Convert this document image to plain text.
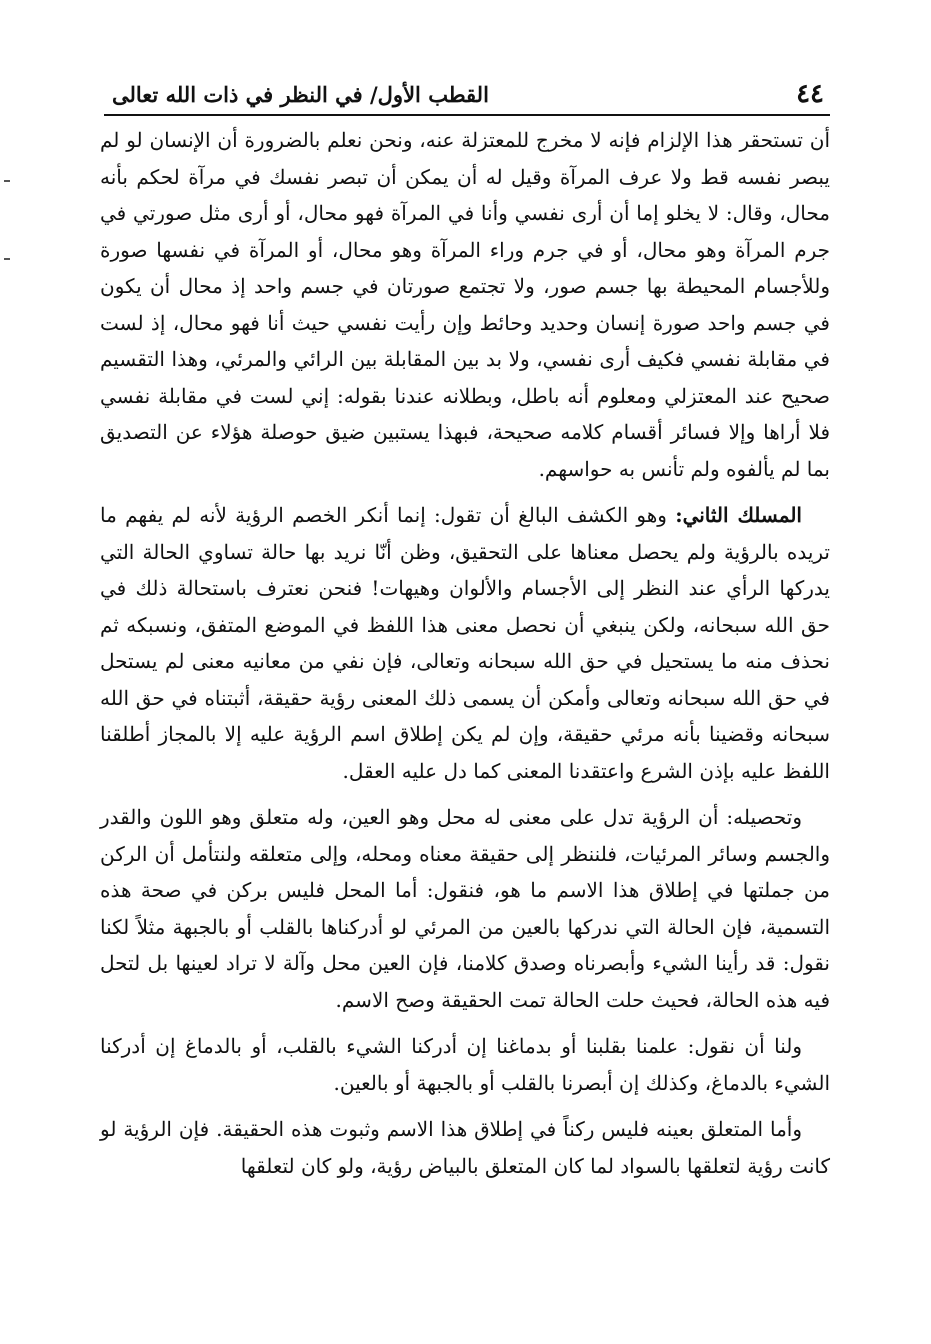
٤٤
القطب الأول/ في النظر في ذات الله تعالى

أن تستحقر هذا الإلزام فإنه لا مخرج للمعتزلة عنه، ونحن نعلم بالضرورة أن الإنسان لو لم يبصر نفسه قط ولا عرف المرآة وقيل له أن يمكن أن تبصر نفسك في مرآة لحكم بأنه محال، وقال: لا يخلو إما أن أرى نفسي وأنا في المرآة فهو محال، أو أرى مثل صورتي في جرم المرآة وهو محال، أو في جرم وراء المرآة وهو محال، أو المرآة في نفسها صورة وللأجسام المحيطة بها جسم صور، ولا تجتمع صورتان في جسم واحد إذ محال أن يكون في جسم واحد صورة إنسان وحديد وحائط وإن رأيت نفسي حيث أنا فهو محال، إذ لست في مقابلة نفسي فكيف أرى نفسي، ولا بد بين المقابلة بين الرائي والمرئي، وهذا التقسيم صحيح عند المعتزلي ومعلوم أنه باطل، وبطلانه عندنا بقوله: إني لست في مقابلة نفسي فلا أراها وإلا فسائر أقسام كلامه صحيحة، فبهذا يستبين ضيق حوصلة هؤلاء عن التصديق بما لم يألفوه ولم تأنس به حواسهم.

المسلك الثاني: وهو الكشف البالغ أن تقول: إنما أنكر الخصم الرؤية لأنه لم يفهم ما تريده بالرؤية ولم يحصل معناها على التحقيق، وظن أنّا نريد بها حالة تساوي الحالة التي يدركها الرأي عند النظر إلى الأجسام والألوان وهيهات! فنحن نعترف باستحالة ذلك في حق الله سبحانه، ولكن ينبغي أن نحصل معنى هذا اللفظ في الموضع المتفق، ونسبكه ثم نحذف منه ما يستحيل في حق الله سبحانه وتعالى، فإن نفي من معانيه معنى لم يستحل في حق الله سبحانه وتعالى وأمكن أن يسمى ذلك المعنى رؤية حقيقة، أثبتناه في حق الله سبحانه وقضينا بأنه مرئي حقيقة، وإن لم يكن إطلاق اسم الرؤية عليه إلا بالمجاز أطلقنا اللفظ عليه بإذن الشرع واعتقدنا المعنى كما دل عليه العقل.

وتحصيله: أن الرؤية تدل على معنى له محل وهو العين، وله متعلق وهو اللون والقدر والجسم وسائر المرئيات، فلننظر إلى حقيقة معناه ومحله، وإلى متعلقه ولنتأمل أن الركن من جملتها في إطلاق هذا الاسم ما هو، فنقول: أما المحل فليس بركن في صحة هذه التسمية، فإن الحالة التي ندركها بالعين من المرئي لو أدركناها بالقلب أو بالجبهة مثلاً لكنا نقول: قد رأينا الشيء وأبصرناه وصدق كلامنا، فإن العين محل وآلة لا تراد لعينها بل لتحل فيه هذه الحالة، فحيث حلت الحالة تمت الحقيقة وصح الاسم.

ولنا أن نقول: علمنا بقلبنا أو بدماغنا إن أدركنا الشيء بالقلب، أو بالدماغ إن أدركنا الشيء بالدماغ، وكذلك إن أبصرنا بالقلب أو بالجبهة أو بالعين.

وأما المتعلق بعينه فليس ركناً في إطلاق هذا الاسم وثبوت هذه الحقيقة. فإن الرؤية لو كانت رؤية لتعلقها بالسواد لما كان المتعلق بالبياض رؤية، ولو كان لتعلقها
